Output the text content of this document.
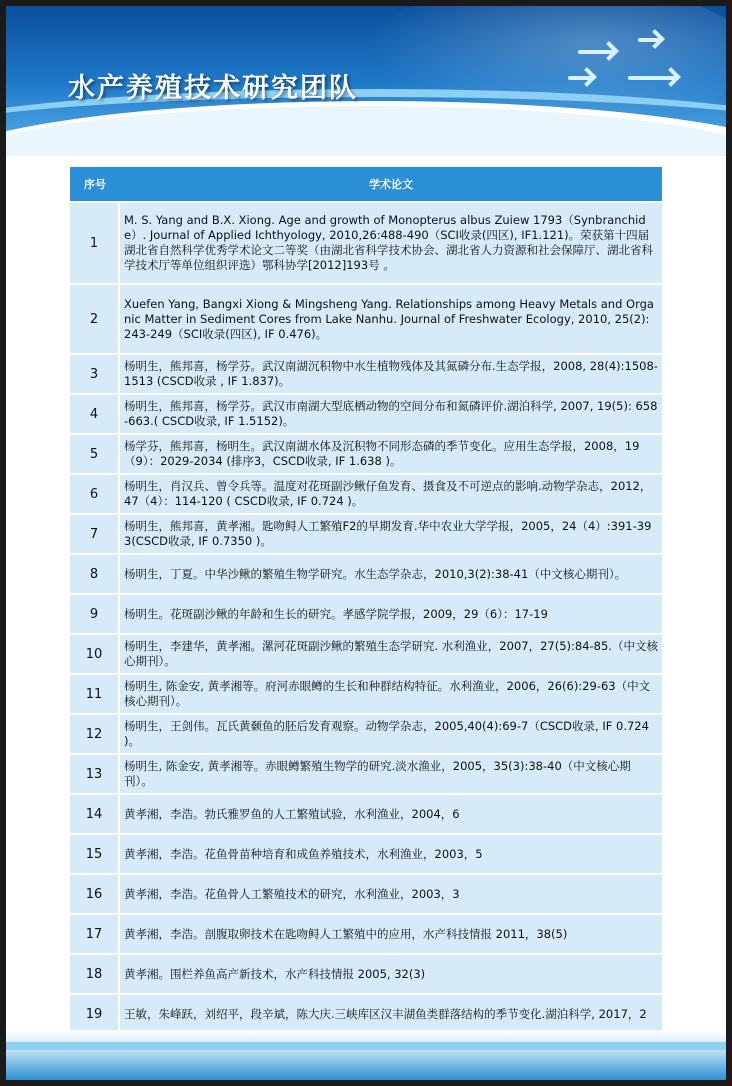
水产养殖技术研究团队
序号	学术论文
1	M. S. Yang and B.X. Xiong. Age and growth of Monopterus albus Zuiew 1793（Synbranchide）. Journal of Applied Ichthyology, 2010,26:488-490（SCI收录(四区), IF1.121)。荣获第十四届湖北省自然科学优秀学术论文二等奖（由湖北省科学技术协会、湖北省人力资源和社会保障厅、湖北省科学技术厅等单位组织评选）鄂科协学[2012]193号 。
2	Xuefen Yang, Bangxi Xiong & Mingsheng Yang. Relationships among Heavy Metals and Organic Matter in Sediment Cores from Lake Nanhu. Journal of Freshwater Ecology, 2010, 25(2): 243-249（SCI收录(四区), IF 0.476)。
3	杨明生，熊邦喜，杨学芬。武汉南湖沉积物中水生植物残体及其氮磷分布.生态学报，2008, 28(4):1508-1513 (CSCD收录 , IF 1.837)。
4	杨明生，熊邦喜，杨学芬。武汉市南湖大型底栖动物的空间分布和氮磷评价.湖泊科学, 2007, 19(5): 658-663.( CSCD收录, IF 1.5152)。
5	杨学芬，熊邦喜，杨明生。武汉南湖水体及沉积物不同形态磷的季节变化。应用生态学报，2008，19（9）：2029-2034 (排序3，CSCD收录, IF 1.638 )。
6	杨明生，肖汉兵、曾令兵等。温度对花斑副沙鳅仔鱼发育、摄食及不可逆点的影响.动物学杂志，2012，47（4）：114-120 ( CSCD收录, IF 0.724 )。
7	杨明生，熊邦喜，黄孝湘。匙吻鲟人工繁殖F2的早期发育.华中农业大学学报，2005，24（4）:391-393(CSCD收录, IF 0.7350 )。
8	杨明生，丁夏。中华沙鳅的繁殖生物学研究。水生态学杂志，2010,3(2):38-41（中文核心期刊）。
9	杨明生。花斑副沙鳅的年龄和生长的研究。孝感学院学报，2009，29（6）：17-19
10	杨明生，李建华，黄孝湘。漯河花斑副沙鳅的繁殖生态学研究. 水利渔业，2007，27(5):84-85.（中文核心期刊）。
11	杨明生, 陈金安, 黄孝湘等。府河赤眼鳟的生长和种群结构特征。水利渔业，2006，26(6):29-63（中文核心期刊）。
12	杨明生，王剑伟。瓦氏黄颡鱼的胚后发育观察。动物学杂志，2005,40(4):69-7（CSCD收录, IF 0.724 )。
13	杨明生, 陈金安, 黄孝湘等。赤眼鳟繁殖生物学的研究.淡水渔业，2005，35(3):38-40（中文核心期刊）。
14	黄孝湘，李浩。勃氏雅罗鱼的人工繁殖试验，水利渔业，2004，6
15	黄孝湘，李浩。花鱼骨苗种培育和成鱼养殖技术，水利渔业，2003，5
16	黄孝湘，李浩。花鱼骨人工繁殖技术的研究，水利渔业，2003，3
17	黄孝湘，李浩。剖腹取卵技术在匙吻鲟人工繁殖中的应用，水产科技情报 2011，38(5)
18	黄孝湘。围栏养鱼高产新技术，水产科技情报 2005, 32(3)
19	王敏，朱峰跃，刘绍平，段辛斌，陈大庆.三峡库区汉丰湖鱼类群落结构的季节变化.湖泊科学, 2017，2
